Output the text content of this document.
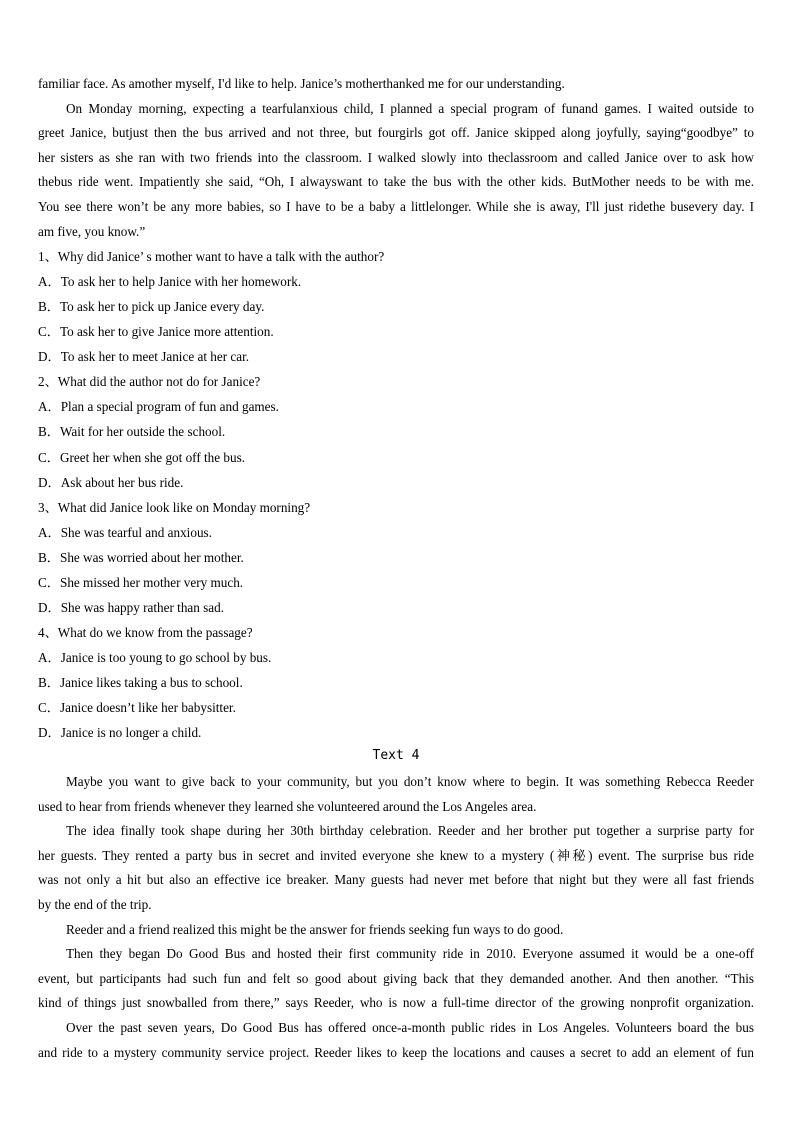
familiar face. As amother myself, I'd like to help. Janice’s motherthanked me for our understanding.
On Monday morning, expecting a tearfulanxious child, I planned a special program of funand games. I waited outside to
greet Janice, butjust then the bus arrived and not three, but fourgirls got off. Janice skipped along joyfully, saying“goodbye” to
her sisters as she ran with two friends into the classroom. I walked slowly into theclassroom and called Janice over to ask how
thebus ride went. Impatiently she said, “Oh, I alwayswant to take the bus with the other kids. ButMother needs to be with me.
You see there won’t be any more babies, so I have to be a baby a littlelonger. While she is away, I'll just ridethe busevery day. I
am five, you know.”
1、Why did Janice’ s mother want to have a talk with the author?
A．To ask her to help Janice with her homework.
B．To ask her to pick up Janice every day.
C．To ask her to give Janice more attention.
D．To ask her to meet Janice at her car.
2、What did the author not do for Janice?
A．Plan a special program of fun and games.
B．Wait for her outside the school.
C．Greet her when she got off the bus.
D．Ask about her bus ride.
3、What did Janice look like on Monday morning?
A．She was tearful and anxious.
B．She was worried about her mother.
C．She missed her mother very much.
D．She was happy rather than sad.
4、What do we know from the passage?
A．Janice is too young to go school by bus.
B．Janice likes taking a bus to school.
C．Janice doesn’t like her babysitter.
D．Janice is no longer a child.
Text 4
Maybe you want to give back to your community, but you don’t know where to begin. It was something Rebecca Reeder
used to hear from friends whenever they learned she volunteered around the Los Angeles area.
The idea finally took shape during her 30th birthday celebration. Reeder and her brother put together a surprise party for
her guests. They rented a party bus in secret and invited everyone she knew to a mystery (神秘) event. The surprise bus ride
was not only a hit but also an effective ice breaker. Many guests had never met before that night but they were all fast friends
by the end of the trip.
Reeder and a friend realized this might be the answer for friends seeking fun ways to do good.
Then they began Do Good Bus and hosted their first community ride in 2010. Everyone assumed it would be a one-off
event, but participants had such fun and felt so good about giving back that they demanded another. And then another. “This
kind of things just snowballed from there,” says Reeder, who is now a full-time director of the growing nonprofit organization.
Over the past seven years, Do Good Bus has offered once-a-month public rides in Los Angeles. Volunteers board the bus
and ride to a mystery community service project. Reeder likes to keep the locations and causes a secret to add an element of fun
